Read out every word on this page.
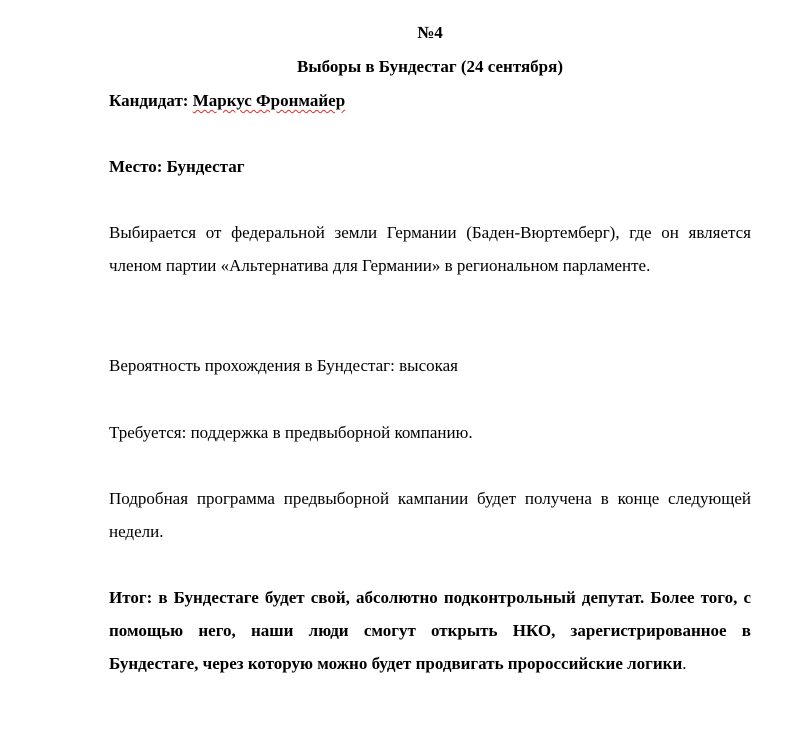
№4
Выборы в Бундестаг (24 сентября)
Кандидат: Маркус Фронмайер
Место: Бундестаг

Выбирается от федеральной земли Германии (Баден-Вюртемберг), где он является членом партии «Альтернатива для Германии» в региональном парламенте.

Вероятность прохождения в Бундестаг: высокая

Требуется: поддержка в предвыборной компанию.

Подробная программа предвыборной кампании будет получена в конце следующей недели.

Итог: в Бундестаге будет свой, абсолютно подконтрольный депутат. Более того, с помощью него, наши люди смогут открыть НКО, зарегистрированное в Бундестаге, через которую можно будет продвигать пророссийские логики.
